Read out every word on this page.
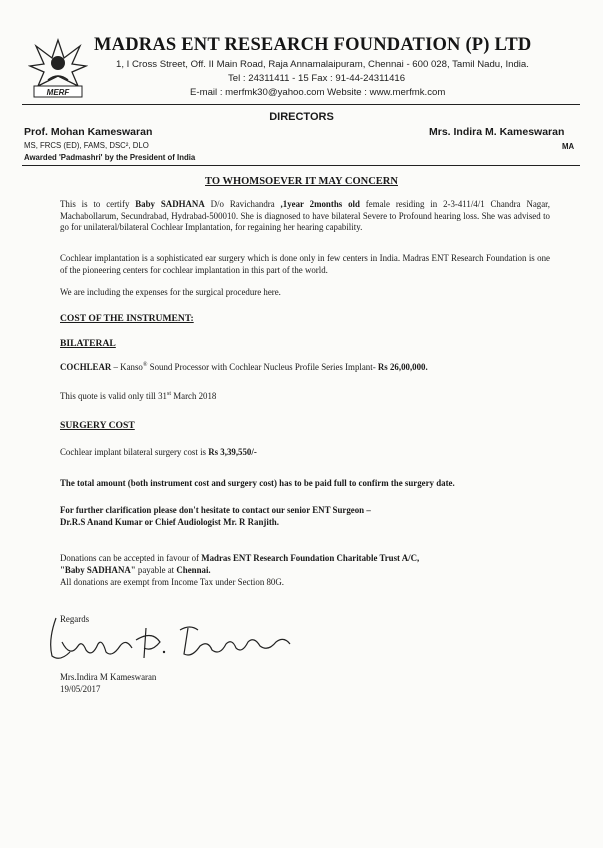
MERF
MADRAS ENT RESEARCH FOUNDATION (P) LTD
1, I Cross Street, Off. II Main Road, Raja Annamalaipuram, Chennai - 600 028, Tamil Nadu, India.
Tel : 24311411 - 15 Fax : 91-44-24311416
E-mail : merfmk30@yahoo.com Website : www.merfmk.com
DIRECTORS
Prof. Mohan Kameswaran
MS, FRCS (ED), FAMS, DSC², DLO
Awarded 'Padmashri' by the President of India
Mrs. Indira M. Kameswaran
MA
TO WHOMSOEVER IT MAY CONCERN
This is to certify Baby SADHANA D/o Ravichandra ,1year 2months old female residing in 2-3-411/4/1 Chandra Nagar, Machabollarum, Secundrabad, Hydrabad-500010. She is diagnosed to have bilateral Severe to Profound hearing loss. She was advised to go for unilateral/bilateral Cochlear Implantation, for regaining her hearing capability.
Cochlear implantation is a sophisticated ear surgery which is done only in few centers in India. Madras ENT Research Foundation is one of the pioneering centers for cochlear implantation in this part of the world.
We are including the expenses for the surgical procedure here.
COST OF THE INSTRUMENT:
BILATERAL
COCHLEAR – Kanso® Sound Processor with Cochlear Nucleus Profile Series Implant- Rs 26,00,000.
This quote is valid only till 31st March 2018
SURGERY COST
Cochlear implant bilateral surgery cost is Rs 3,39,550/-
The total amount (both instrument cost and surgery cost) has to be paid full to confirm the surgery date.
For further clarification please don't hesitate to contact our senior ENT Surgeon –
Dr.R.S Anand Kumar or Chief Audiologist Mr. R Ranjith.
Donations can be accepted in favour of Madras ENT Research Foundation Charitable Trust A/C,
"Baby SADHANA" payable at Chennai.
All donations are exempt from Income Tax under Section 80G.
Regards
Mrs.Indira M Kameswaran
19/05/2017
